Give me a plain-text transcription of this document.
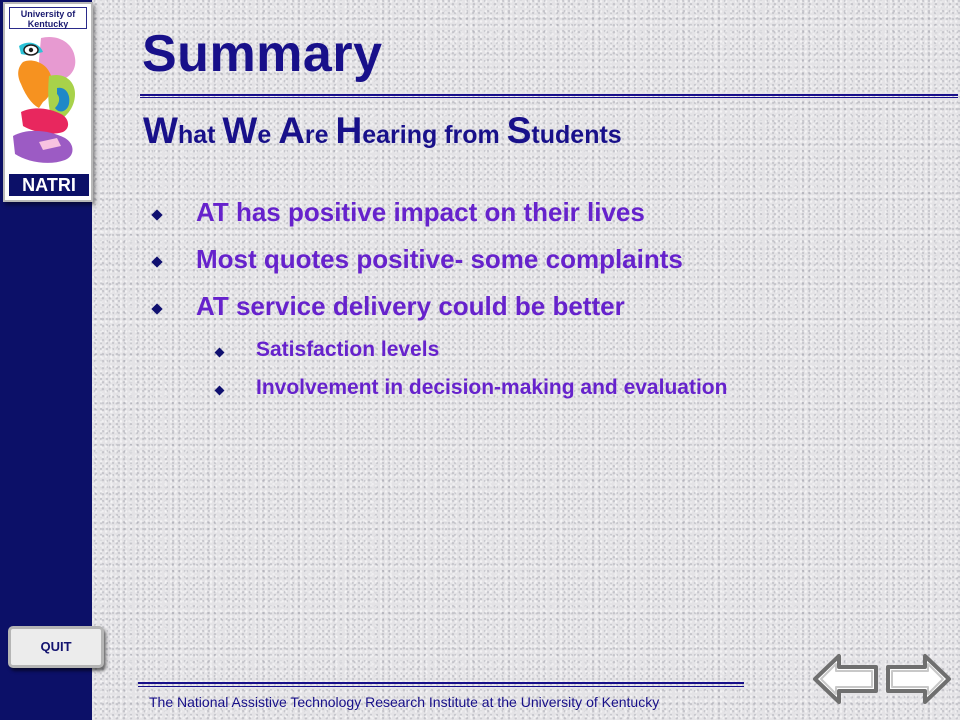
University of Kentucky
NATRI
QUIT
Summary
What We Are Hearing from Students
AT has positive impact on their lives
Most quotes positive- some complaints
AT service delivery could be better
Satisfaction levels
Involvement in decision-making and evaluation
The National Assistive Technology Research Institute at the University of Kentucky
